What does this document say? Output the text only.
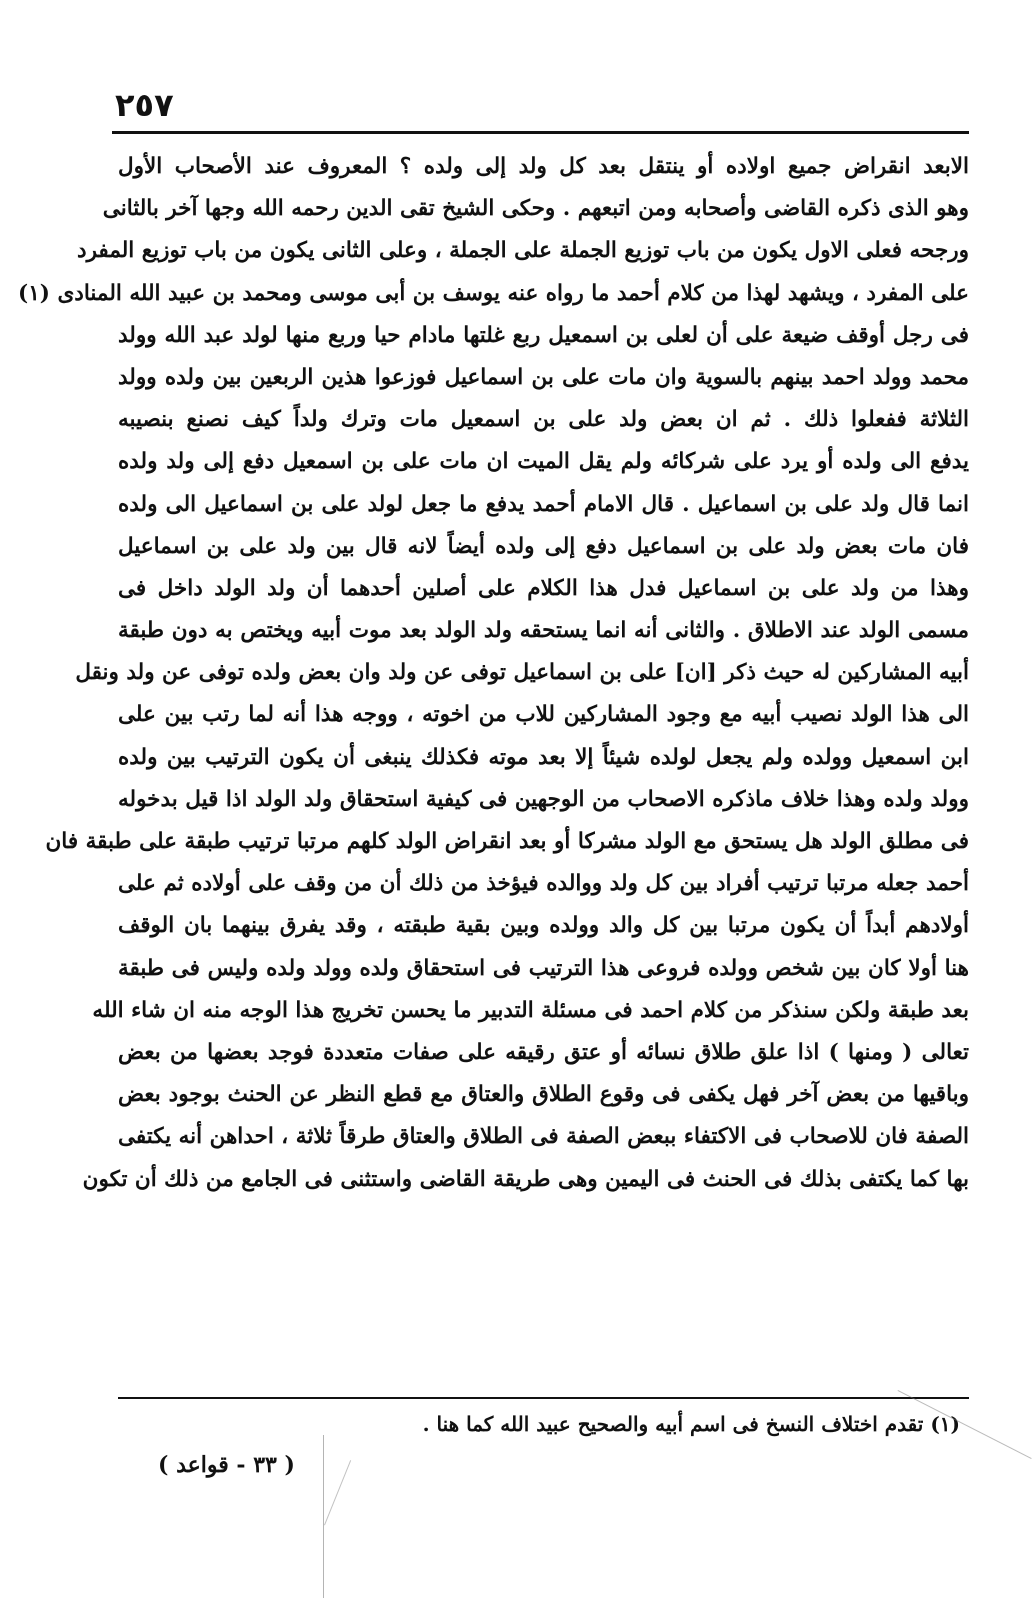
٢٥٧
الابعد انقراض جميع اولاده أو ينتقل بعد كل ولد إلى ولده ؟ المعروف عند الأصحاب الأول
وهو الذى ذكره القاضى وأصحابه ومن اتبعهم . وحكى الشيخ تقى الدين رحمه الله وجها آخر بالثانى
ورجحه فعلى الاول يكون من باب توزيع الجملة على الجملة ، وعلى الثانى يكون من باب توزيع المفرد
على المفرد ، ويشهد لهذا من كلام أحمد ما رواه عنه يوسف بن أبى موسى ومحمد بن عبيد الله المنادى (١)
فى رجل أوقف ضيعة على أن لعلى بن اسمعيل ربع غلتها مادام حيا وربع منها لولد عبد الله وولد
محمد وولد احمد بينهم بالسوية وان مات على بن اسماعيل فوزعوا هذين الربعين بين ولده وولد
الثلاثة ففعلوا ذلك . ثم ان بعض ولد على بن اسمعيل مات وترك ولداً كيف نصنع بنصيبه
يدفع الى ولده أو يرد على شركائه ولم يقل الميت ان مات على بن اسمعيل دفع إلى ولد ولده
انما قال ولد على بن اسماعيل . قال الامام أحمد يدفع ما جعل لولد على بن اسماعيل الى ولده
فان مات بعض ولد على بن اسماعيل دفع إلى ولده أيضاً لانه قال بين ولد على بن اسماعيل
وهذا من ولد على بن اسماعيل فدل هذا الكلام على أصلين أحدهما أن ولد الولد داخل فى
مسمى الولد عند الاطلاق . والثانى أنه انما يستحقه ولد الولد بعد موت أبيه ويختص به دون طبقة
أبيه المشاركين له حيث ذكر [ان] على بن اسماعيل توفى عن ولد وان بعض ولده توفى عن ولد ونقل
الى هذا الولد نصيب أبيه مع وجود المشاركين للاب من اخوته ، ووجه هذا أنه لما رتب بين على
ابن اسمعيل وولده ولم يجعل لولده شيئاً إلا بعد موته فكذلك ينبغى أن يكون الترتيب بين ولده
وولد ولده وهذا خلاف ماذكره الاصحاب من الوجهين فى كيفية استحقاق ولد الولد اذا قيل بدخوله
فى مطلق الولد هل يستحق مع الولد مشركا أو بعد انقراض الولد كلهم مرتبا ترتيب طبقة على طبقة فان
أحمد جعله مرتبا ترتيب أفراد بين كل ولد ووالده فيؤخذ من ذلك أن من وقف على أولاده ثم على
أولادهم أبداً أن يكون مرتبا بين كل والد وولده وبين بقية طبقته ، وقد يفرق بينهما بان الوقف
هنا أولا كان بين شخص وولده فروعى هذا الترتيب فى استحقاق ولده وولد ولده وليس فى طبقة
بعد طبقة ولكن سنذكر من كلام احمد فى مسئلة التدبير ما يحسن تخريج هذا الوجه منه ان شاء الله
تعالى ( ومنها ) اذا علق طلاق نسائه أو عتق رقيقه على صفات متعددة فوجد بعضها من بعض
وباقيها من بعض آخر فهل يكفى فى وقوع الطلاق والعتاق مع قطع النظر عن الحنث بوجود بعض
الصفة فان للاصحاب فى الاكتفاء ببعض الصفة فى الطلاق والعتاق طرقاً ثلاثة ، احداهن أنه يكتفى
بها كما يكتفى بذلك فى الحنث فى اليمين وهى طريقة القاضى واستثنى فى الجامع من ذلك أن تكون
(١) تقدم اختلاف النسخ فى اسم أبيه والصحيح عبيد الله كما هنا .
( ٣٣ - قواعد )
